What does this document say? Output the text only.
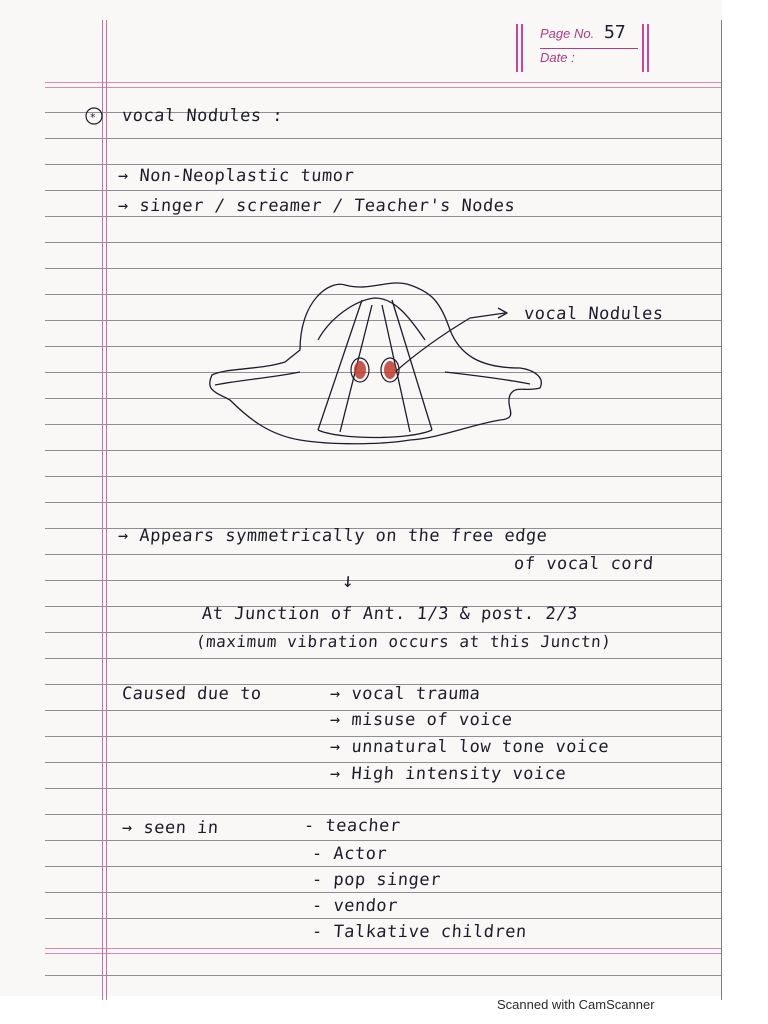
Page No. 57
Date :
* vocal Nodules :
→ Non-Neoplastic tumor
→ singer / screamer / Teacher's Nodes
vocal Nodules
→ Appears symmetrically on the free edge
of vocal cord
↓
At Junction of Ant. 1/3 & post. 2/3
(maximum vibration occurs at this Junctn)
Caused due to	→ vocal trauma
→ misuse of voice
→ unnatural low tone voice
→ High intensity voice
→ seen in	- teacher
- Actor
- pop singer
- vendor
- Talkative children
Scanned with CamScanner
